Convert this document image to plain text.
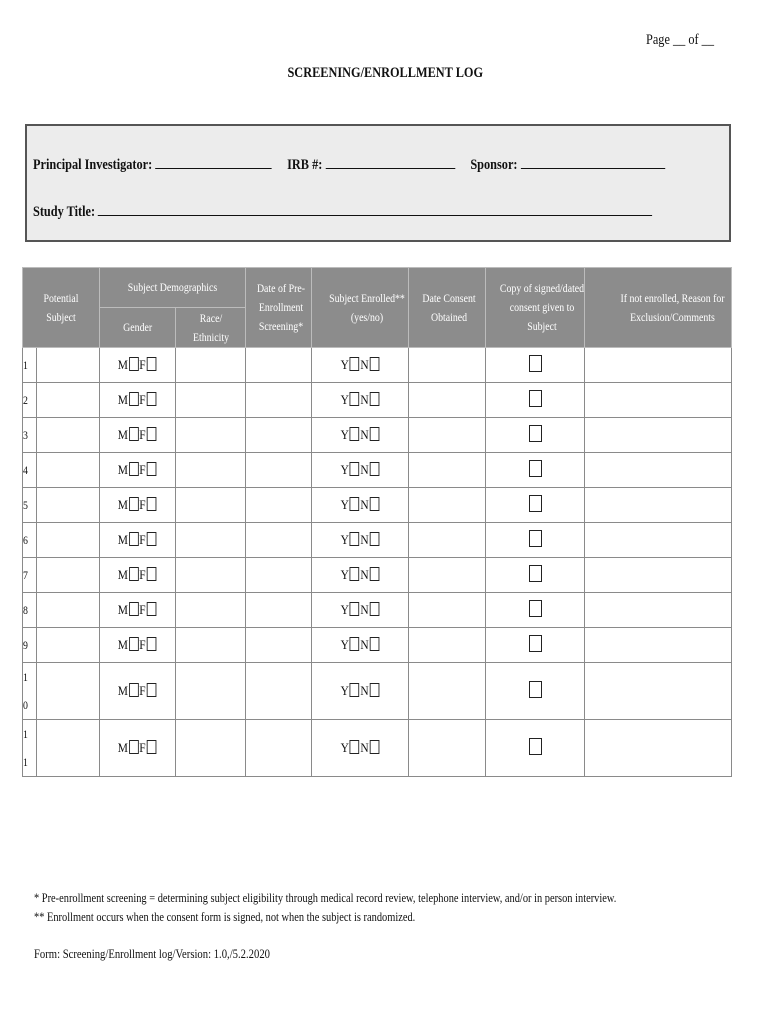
Page __ of __
SCREENING/ENROLLMENT LOG
Principal Investigator:	IRB #:	Sponsor:
Study Title:
Potential Subject		Subject Demographics		Date of Pre- Enrollment Screening*	Subject Enrolled** (yes/no)	Date Consent Obtained	Copy of signed/dated consent given to Subject	If not enrolled, Reason for Exclusion/Comments
		Gender	Race/ Ethnicity					

1		M F			Y N			

2		M F			Y N			

3		M F			Y N			

4		M F			Y N			

5		M F			Y N			

6		M F			Y N			

7		M F			Y N			

8		M F			Y N			

9		M F			Y N			

10		M F			Y N			

11		M F			Y N			
* Pre-enrollment screening = determining subject eligibility through medical record review, telephone interview, and/or in person interview.
** Enrollment occurs when the consent form is signed, not when the subject is randomized.
Form: Screening/Enrollment log/Version: 1.0,/5.2.2020
